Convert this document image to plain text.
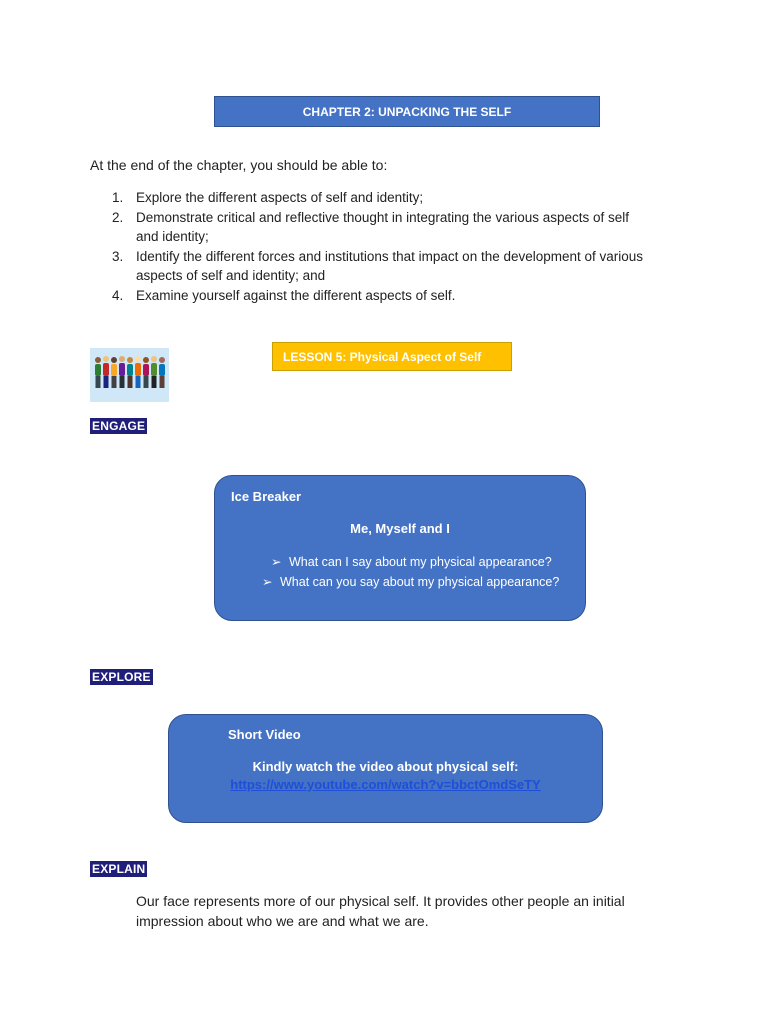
CHAPTER 2: UNPACKING THE SELF
At the end of the chapter, you should be able to:
1. Explore the different aspects of self and identity;
2. Demonstrate critical and reflective thought in integrating the various aspects of self and identity;
3. Identify the different forces and institutions that impact on the development of various aspects of self and identity; and
4. Examine yourself against the different aspects of self.
LESSON 5: Physical Aspect of Self
ENGAGE
Ice Breaker
Me, Myself and I
➢ What can I say about my physical appearance?
➢ What can you say about my physical appearance?
EXPLORE
Short Video
Kindly watch the video about physical self:
https://www.youtube.com/watch?v=bbctOmdSeTY
EXPLAIN
Our face represents more of our physical self. It provides other people an initial impression about who we are and what we are.
